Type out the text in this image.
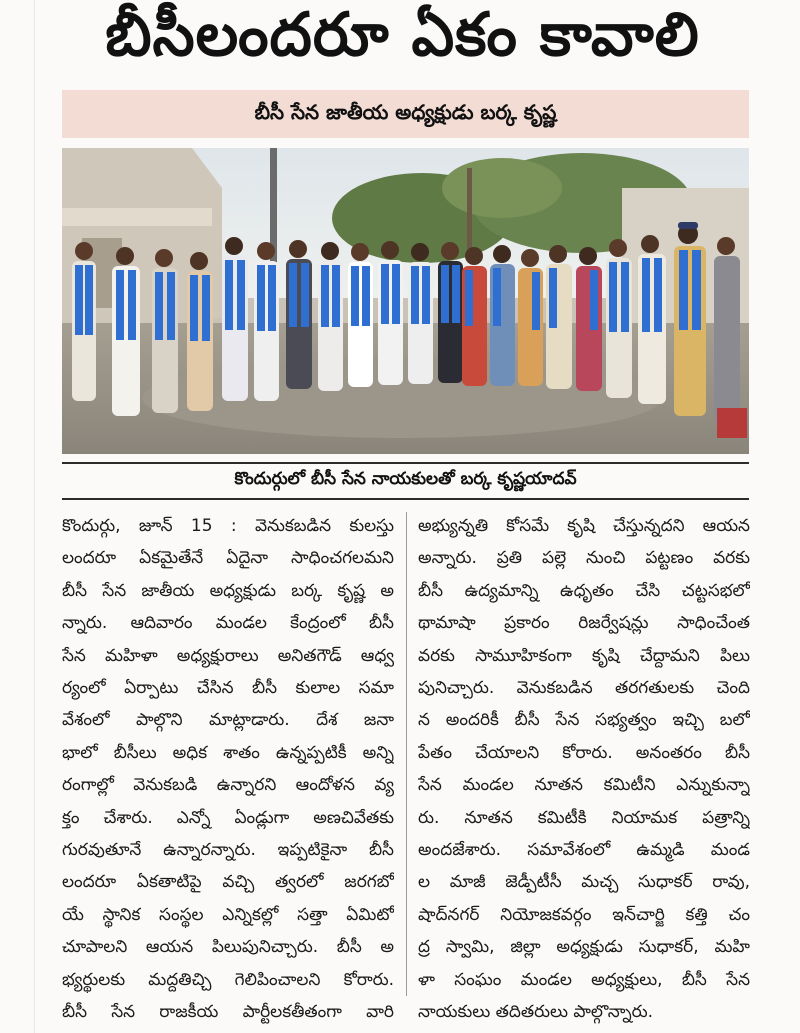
బీసీలందరూ ఏకం కావాలి
బీసీ సేన జాతీయ అధ్యక్షుడు బర్క కృష్ణ
కొందుర్గులో బీసీ సేన నాయకులతో బర్క కృష్ణయాదవ్
కొందుర్గు, జూన్ 15 : వెనుకబడిన కులస్తు
లందరూ ఏకమైతేనే ఏదైనా సాధించగలమని
బీసీ సేన జాతీయ అధ్యక్షుడు బర్క కృష్ణ అ
న్నారు. ఆదివారం మండల కేంద్రంలో బీసీ
సేన మహిళా అధ్యక్షురాలు అనితగౌడ్ ఆధ్వ
ర్యంలో ఏర్పాటు చేసిన బీసీ కులాల సమా
వేశంలో పాల్గొని మాట్లాడారు. దేశ జనా
భాలో బీసీలు అధిక శాతం ఉన్నప్పటికీ అన్ని
రంగాల్లో వెనుకబడి ఉన్నారని ఆందోళన వ్య
క్తం చేశారు. ఎన్నో ఏండ్లుగా అణచివేతకు
గురవుతూనే ఉన్నారన్నారు. ఇప్పటికైనా బీసీ
లందరూ ఏకతాటిపై వచ్చి త్వరలో జరగబో
యే స్థానిక సంస్థల ఎన్నికల్లో సత్తా ఏమిటో
చూపాలని ఆయన పిలుపునిచ్చారు. బీసీ అ
భ్యర్థులకు మద్దతిచ్చి గెలిపించాలని కోరారు.
బీసీ సేన రాజకీయ పార్టీలకతీతంగా వారి
అభ్యున్నతి కోసమే కృషి చేస్తున్నదని ఆయన
అన్నారు. ప్రతి పల్లె నుంచి పట్టణం వరకు
బీసీ ఉద్యమాన్ని ఉధృతం చేసి చట్టసభలో
థామాషా ప్రకారం రిజర్వేషన్లు సాధించేంత
వరకు సామూహికంగా కృషి చేద్దామని పిలు
పునిచ్చారు. వెనుకబడిన తరగతులకు చెంది
న అందరికీ బీసీ సేన సభ్యత్వం ఇచ్చి బలో
పేతం చేయాలని కోరారు. అనంతరం బీసీ
సేన మండల నూతన కమిటీని ఎన్నుకున్నా
రు. నూతన కమిటీకి నియామక పత్రాన్ని
అందజేశారు. సమావేశంలో ఉమ్మడి మండ
ల మాజీ జెడ్పీటీసీ మచ్చ సుధాకర్ రావు,
షాద్‌నగర్ నియోజకవర్గం ఇన్‌చార్జి కత్తి చం
ద్ర స్వామి, జిల్లా అధ్యక్షుడు సుధాకర్, మహి
ళా సంఘం మండల అధ్యక్షులు, బీసీ సేన
నాయకులు తదితరులు పాల్గొన్నారు.
